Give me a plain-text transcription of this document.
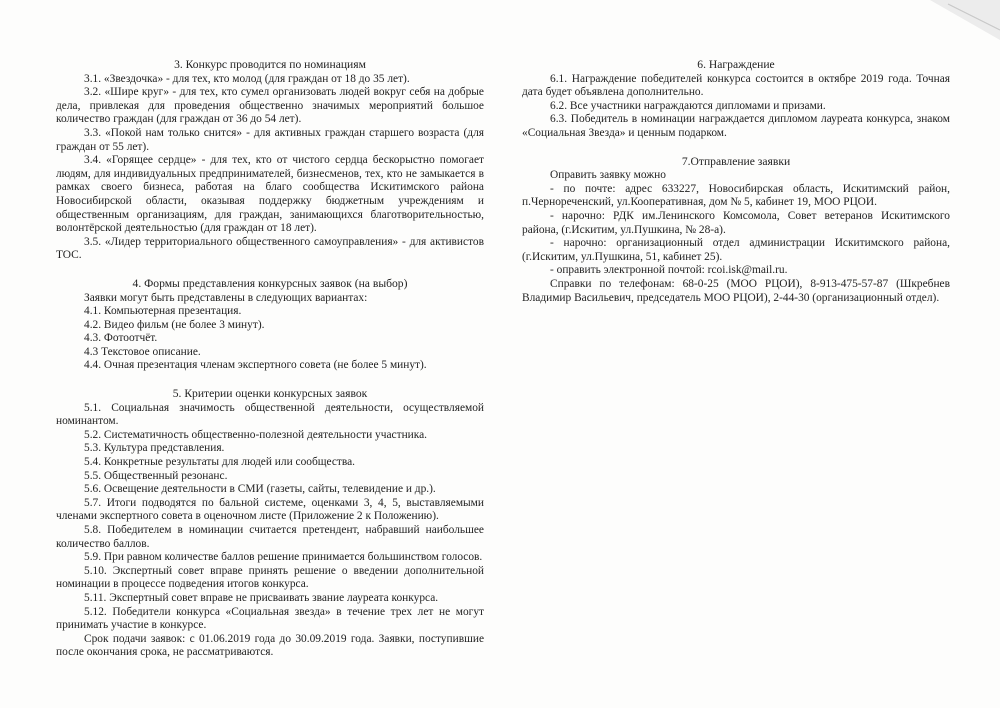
3. Конкурс проводится по номинациям

3.1. «Звездочка» - для тех, кто молод (для граждан от 18 до 35 лет).

3.2. «Шире круг» - для тех, кто сумел организовать людей вокруг себя на добрые дела, привлекая для проведения общественно значимых мероприятий большое количество граждан (для граждан от 36 до 54 лет).

3.3. «Покой нам только снится» - для активных граждан старшего возраста (для граждан от 55 лет).

3.4. «Горящее сердце» - для тех, кто от чистого сердца бескорыстно помогает людям, для индивидуальных предпринимателей, бизнесменов, тех, кто не замыкается в рамках своего бизнеса, работая на благо сообщества Искитимского района Новосибирской области, оказывая поддержку бюджетным учреждениям и общественным организациям, для граждан, занимающихся благотворительностью, волонтёрской деятельностью (для граждан от 18 лет).

3.5. «Лидер территориального общественного самоуправления» - для активистов ТОС.

4. Формы представления конкурсных заявок (на выбор)

Заявки могут быть представлены в следующих вариантах:

4.1. Компьютерная презентация.

4.2. Видео фильм (не более 3 минут).

4.3. Фотоотчёт.

4.3 Текстовое описание.

4.4. Очная презентация членам экспертного совета (не более 5 минут).

5. Критерии оценки конкурсных заявок

5.1. Социальная значимость общественной деятельности, осуществляемой номинантом.

5.2. Систематичность общественно-полезной деятельности участника.

5.3. Культура представления.

5.4. Конкретные результаты для людей или сообщества.

5.5. Общественный резонанс.

5.6. Освещение деятельности в СМИ (газеты, сайты, телевидение и др.).

5.7. Итоги подводятся по бальной системе, оценками 3, 4, 5, выставляемыми членами экспертного совета в оценочном листе (Приложение 2 к Положению).

5.8. Победителем в номинации считается претендент, набравший наибольшее количество баллов.

5.9. При равном количестве баллов решение принимается большинством голосов.

5.10. Экспертный совет вправе принять решение о введении дополнительной номинации в процессе подведения итогов конкурса.

5.11. Экспертный совет вправе не присваивать звание лауреата конкурса.

5.12. Победители конкурса «Социальная звезда» в течение трех лет не могут принимать участие в конкурсе.

Срок подачи заявок: с 01.06.2019 года до 30.09.2019 года. Заявки, поступившие после окончания срока, не рассматриваются.

6. Награждение

6.1. Награждение победителей конкурса состоится в октябре 2019 года. Точная дата будет объявлена дополнительно.

6.2. Все участники награждаются дипломами и призами.

6.3. Победитель в номинации награждается дипломом лауреата конкурса, знаком «Социальная Звезда» и ценным подарком.

7.Отправление заявки

Оправить заявку можно

- по почте: адрес 633227, Новосибирская область, Искитимский район, п.Чернореченский, ул.Кооперативная, дом № 5, кабинет 19, МОО РЦОИ.

- нарочно: РДК им.Ленинского Комсомола, Совет ветеранов Искитимского района, (г.Искитим, ул.Пушкина, № 28-а).

- нарочно: организационный отдел администрации Искитимского района, (г.Искитим, ул.Пушкина, 51, кабинет 25).

- оправить электронной почтой: rcoi.isk@mail.ru.

Справки по телефонам: 68-0-25 (МОО РЦОИ), 8-913-475-57-87 (Шкребнев Владимир Васильевич, председатель МОО РЦОИ), 2-44-30 (организационный отдел).
